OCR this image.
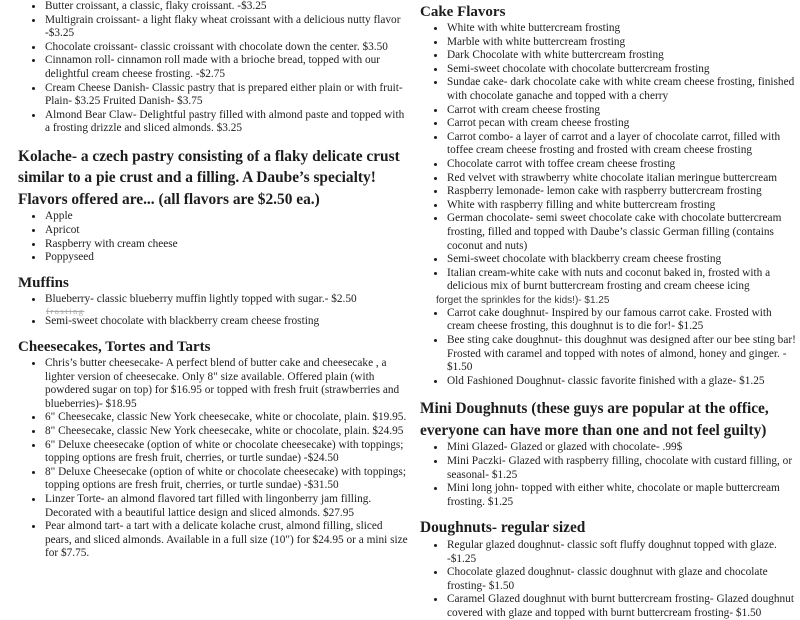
• Butter croissant, a classic, flaky croissant. -$3.25
• Multigrain croissant- a light flaky wheat croissant with a delicious nutty flavor -$3.25
• Chocolate croissant- classic croissant with chocolate down the center. $3.50
• Cinnamon roll- cinnamon roll made with a brioche bread, topped with our delightful cream cheese frosting. -$2.75
• Cream Cheese Danish- Classic pastry that is prepared either plain or with fruit- Plain- $3.25 Fruited Danish- $3.75
• Almond Bear Claw- Delightful pastry filled with almond paste and topped with a frosting drizzle and sliced almonds. $3.25

Kolache- a czech pastry consisting of a flaky delicate crust similar to a pie crust and a filling. A Daube’s specialty!

Flavors offered are... (all flavors are $2.50 ea.)

• Apple
• Apricot
• Raspberry with cream cheese
• Poppyseed

Muffins

• Blueberry- classic blueberry muffin lightly topped with sugar.- $2.50
frosting
• Semi-sweet chocolate with blackberry cream cheese frosting

Cheesecakes, Tortes and Tarts

• Chris’s butter cheesecake- A perfect blend of butter cake and cheesecake , a lighter version of cheesecake. Only 8" size available. Offered plain (with powdered sugar on top) for $16.95 or topped with fresh fruit (strawberries and blueberries)- $18.95
• 6" Cheesecake, classic New York cheesecake, white or chocolate, plain. $19.95.
• 8" Cheesecake, classic New York cheesecake, white or chocolate, plain. $24.95
• 6" Deluxe cheesecake (option of white or chocolate cheesecake) with toppings; topping options are fresh fruit, cherries, or turtle sundae) -$24.50
• 8" Deluxe Cheesecake (option of white or chocolate cheesecake) with toppings; topping options are fresh fruit, cherries, or turtle sundae) -$31.50
• Linzer Torte- an almond flavored tart filled with lingonberry jam filling. Decorated with a beautiful lattice design and sliced almonds. $27.95
• Pear almond tart- a tart with a delicate kolache crust, almond filling, sliced pears, and sliced almonds. Available in a full size (10") for $24.95 or a mini size for $7.75.

Cake Flavors

• White with white buttercream frosting
• Marble with white buttercream frosting
• Dark Chocolate with white buttercream frosting
• Semi-sweet chocolate with chocolate buttercream frosting
• Sundae cake- dark chocolate cake with white cream cheese frosting, finished with chocolate ganache and topped with a cherry
• Carrot with cream cheese frosting
• Carrot pecan with cream cheese frosting
• Carrot combo- a layer of carrot and a layer of chocolate carrot, filled with toffee cream cheese frosting and frosted with cream cheese frosting
• Chocolate carrot with toffee cream cheese frosting
• Red velvet with strawberry white chocolate italian meringue buttercream
• Raspberry lemonade- lemon cake with raspberry buttercream frosting
• White with raspberry filling and white buttercream frosting
• German chocolate- semi sweet chocolate cake with chocolate buttercream frosting, filled and topped with Daube’s classic German filling (contains coconut and nuts)
• Semi-sweet chocolate with blackberry cream cheese frosting
• Italian cream-white cake with nuts and coconut baked in, frosted with a delicious mix of burnt buttercream frosting and cream cheese icing
forget the sprinkles for the kids!)- $1.25
• Carrot cake doughnut- Inspired by our famous carrot cake. Frosted with cream cheese frosting, this doughnut is to die for!- $1.25
• Bee sting cake doughnut- this doughnut was designed after our bee sting bar! Frosted with caramel and topped with notes of almond, honey and ginger. - $1.50
• Old Fashioned Doughnut- classic favorite finished with a glaze- $1.25

Mini Doughnuts (these guys are popular at the office, everyone can have more than one and not feel guilty)

• Mini Glazed- Glazed or glazed with chocolate- .99$
• Mini Paczki- Glazed with raspberry filling, chocolate with custard filling, or seasonal- $1.25
• Mini long john- topped with either white, chocolate or maple buttercream frosting. $1.25

Doughnuts- regular sized

• Regular glazed doughnut- classic soft fluffy doughnut topped with glaze. -$1.25
• Chocolate glazed doughnut- classic doughnut with glaze and chocolate frosting- $1.50
• Caramel Glazed doughnut with burnt buttercream frosting- Glazed doughnut covered with glaze and topped with burnt buttercream frosting- $1.50
